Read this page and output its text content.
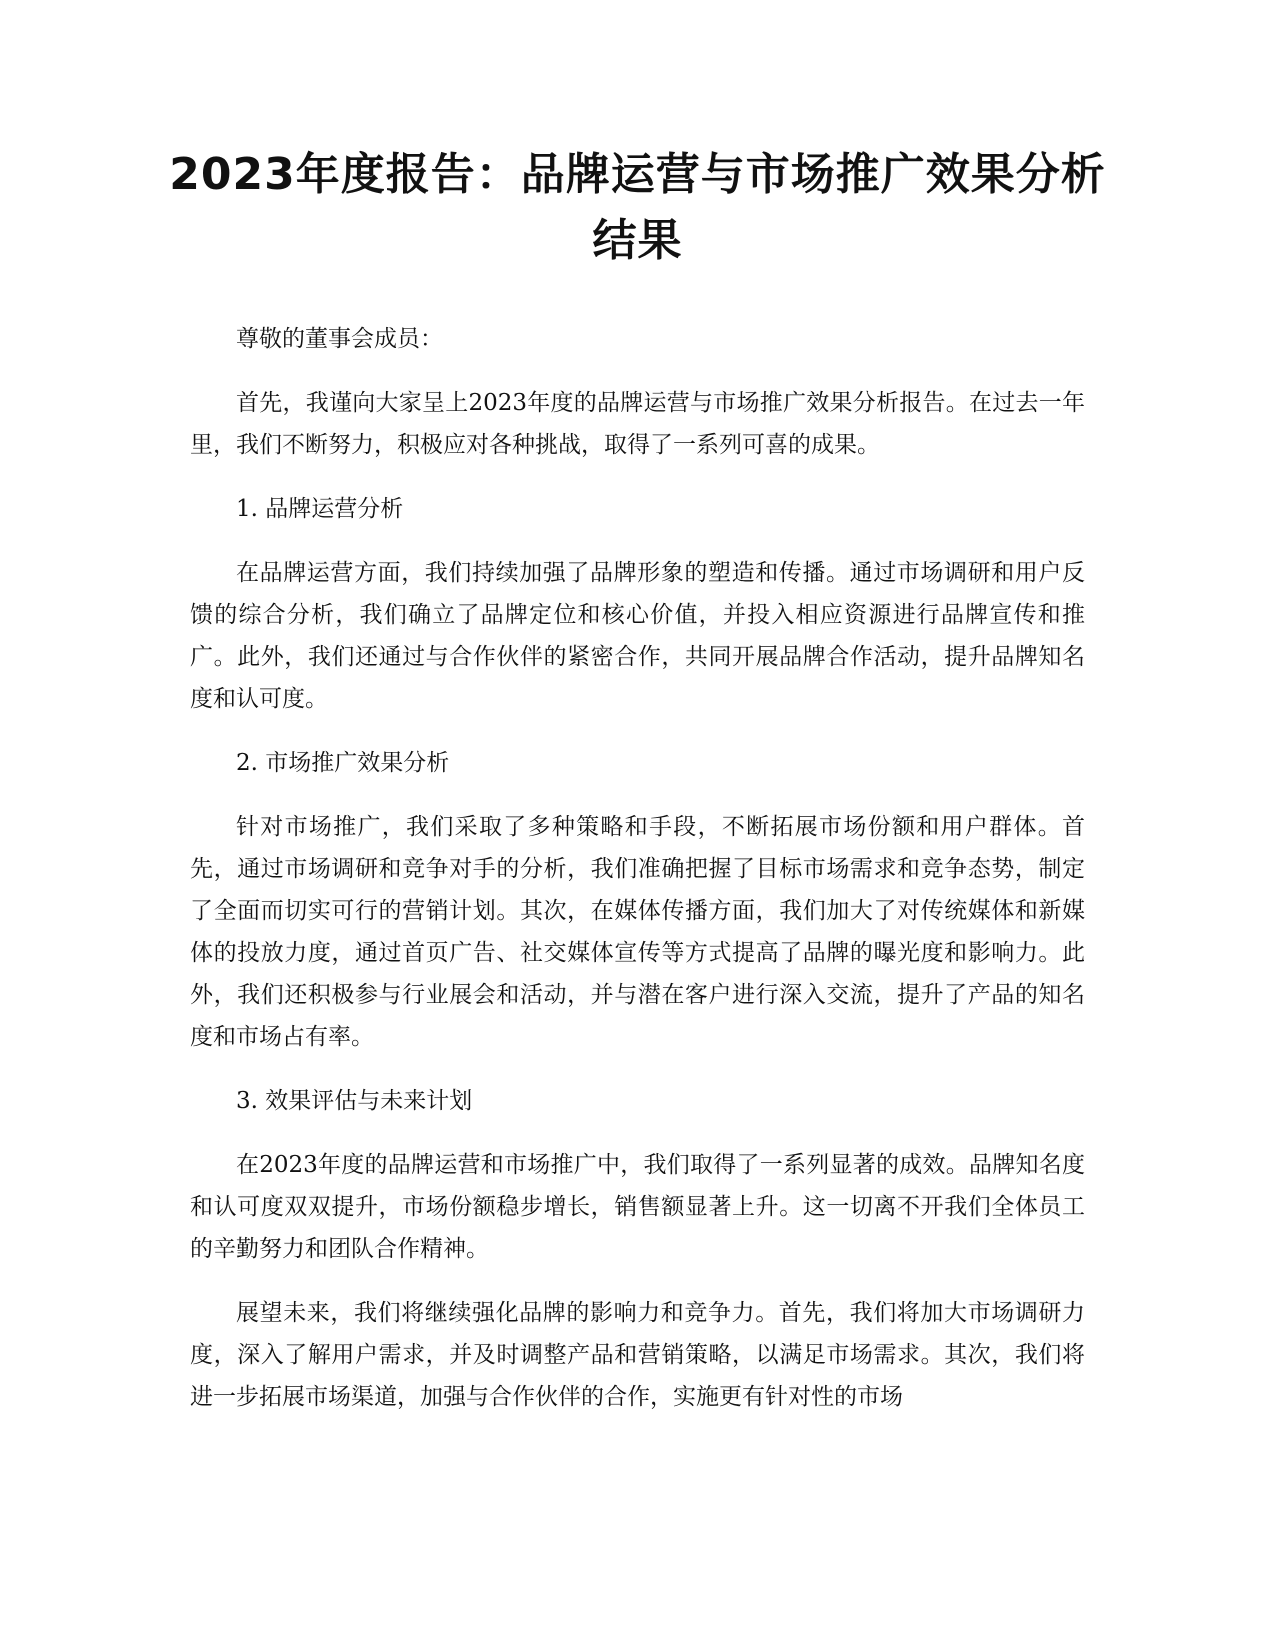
2023年度报告：品牌运营与市场推广效果分析结果

尊敬的董事会成员：

首先，我谨向大家呈上2023年度的品牌运营与市场推广效果分析报告。在过去一年里，我们不断努力，积极应对各种挑战，取得了一系列可喜的成果。

1. 品牌运营分析

在品牌运营方面，我们持续加强了品牌形象的塑造和传播。通过市场调研和用户反馈的综合分析，我们确立了品牌定位和核心价值，并投入相应资源进行品牌宣传和推广。此外，我们还通过与合作伙伴的紧密合作，共同开展品牌合作活动，提升品牌知名度和认可度。

2. 市场推广效果分析

针对市场推广，我们采取了多种策略和手段，不断拓展市场份额和用户群体。首先，通过市场调研和竞争对手的分析，我们准确把握了目标市场需求和竞争态势，制定了全面而切实可行的营销计划。其次，在媒体传播方面，我们加大了对传统媒体和新媒体的投放力度，通过首页广告、社交媒体宣传等方式提高了品牌的曝光度和影响力。此外，我们还积极参与行业展会和活动，并与潜在客户进行深入交流，提升了产品的知名度和市场占有率。

3. 效果评估与未来计划

在2023年度的品牌运营和市场推广中，我们取得了一系列显著的成效。品牌知名度和认可度双双提升，市场份额稳步增长，销售额显著上升。这一切离不开我们全体员工的辛勤努力和团队合作精神。

展望未来，我们将继续强化品牌的影响力和竞争力。首先，我们将加大市场调研力度，深入了解用户需求，并及时调整产品和营销策略，以满足市场需求。其次，我们将进一步拓展市场渠道，加强与合作伙伴的合作，实施更有针对性的市场
